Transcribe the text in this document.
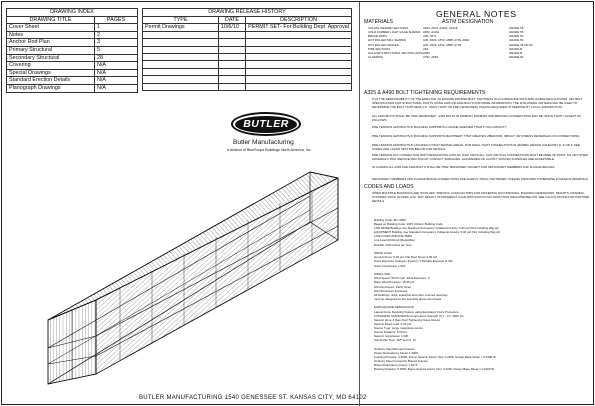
DRAWING INDEX	
DRAWING TITLE	PAGES
Cover Sheet	1
Notes	2
Anchor Rod Plan	3
Primary Structural	5
Secondary Structural	28
Covering	N/A
Special Drawings	N/A
Standard Erection Details	N/A
Planograph Drawings	N/A
DRAWING RELEASE HISTORY		
TYPE	DATE	DESCRIPTION
Permit Drawings	10/6/10	PERMIT SET- For Building Dept. Approval

BUTLER
Butler Manufacturing
a division of BlueScope Buildings North America, Inc.
BUTLER MANUFACTURING 1540 GENESSEE ST. KANSAS CITY, MO 64102
GENERAL NOTES
MATERIALS	ASTM DESIGNATION
3 PLATE WELDED SECTIONS	A529, A572, A1011, A1018	GRADE 55
COLD FORMED LIGHT GAGE SHAPES A653, A1011	GRADE 55
BRACE RODS	A36, A572	GRADE 50
HOT ROLLED MILL SHAPES	A36, A529, A572, A588, A709, A992	GRADE 50
HOT ROLLED ANGLES	A36, A529, A572, A588, A709	GRADE 36 OR 50
PIPE SECTIONS	A53	GRADE B
HOLLOW STRUCTURAL SECTION (HSS) A500	GRADE B
CLADDING	A792, A653	GRADE 80
A325 & A490 BOLT TIGHTENING REQUIREMENTS
IT IS THE RESPONSIBILITY OF THE ERECTOR TO ENSURE PROPER BOLT TIGHTNESS IN ACCORDANCE WITH APPLICABLE REGULATIONS. SET BOLT SPECIFICATION FOR STRUCTURAL JOINTS USING A325 OR A490 BOLTS FOR MORE INFORMATION. THE FOLLOWING CRITERIA MAY BE USED TO DETERMINE THE BOLT TIGHTNESS (I.E. SNUG TIGHT OR PRE-TENSIONED) UNLESS REQUIRED OTHERWISE BY LOCAL JURISDICTION.
ALL A490 BOLTS SHALL BE "PRE-TENSIONED". A325 BOLTS IN PRIMARY FRAMING AND BRACING CONNECTIONS MAY BE "SNUG-TIGHT" EXCEPT AS FOLLOWS:
PRE-TENSION A325 BOLTS IF BUILDING SUPPORTS A CRANE GREATER THAN 5 TON CAPACITY.
PRE-TENSION A325 BOLTS IF BUILDING SUPPORTS MACHINERY THAT CREATES VIBRATION, IMPACT, OR STRESS REVERSALS ON CONNECTIONS.
PRE-TENSION A325 BOLTS IF LOCATED IN HIGH SEISMIC AREAS. FOR SNUG-TIGHT CONNECTIONS IN SEISMIC DESIGN CATEGORY D, E OR F, SEE CODES AND LOADS SECTION BELOW FOR DETAILS.
PRE-TENSION ANY CONNECTION WITH DESIGNATION A325-SC (SLIP CRITICAL). SLIP CRITICAL CONNECTIONS MUST BE FREE OF PAINT, OIL OR OTHER MATERIALS THAT REDUCE FRICTION AT CONTACT SURFACES. GALVANIZED OR LIGHTLY RUSTED SURFACES ARE ACCEPTABLE.
IN CANADA ALL A325 AND A490 BOLTS SHALL BE "PRE-TENSIONED" EXCEPT FOR SECONDARY MEMBERS AND FLANGE BRACES.
SECONDARY MEMBERS AND FLANGE BRACE CONNECTIONS ARE ALWAYS "SNUG-TIGHTENED" UNLESS INDICATED OTHERWISE IN DESIGN DRAWINGS.
CODES AND LOADS
WHEN MULTIPLE BUILDINGS ARE INVOLVED, SPECIFIC LOAD FACTORS FOR DIFFERING OCCUPANCIES, BUILDING DIMENSIONS, HEIGHTS, FRAMING SYSTEMS, ROOF SLOPES, ETC. MAY RESULT IN DIFFERENT LOAD APPLICATION FACTORS THAN INDICATED BELOW. SEE CALCULATIONS FOR FURTHER DETAILS.

Building Code: IBC 2009

Based on Building Code: 1997 Uniform Building Code

LIVE MODE Building Use Standard Occupancy Collateral Gravity: 5.00 psf (Not Including Wtg wt)

EQUIPMENT Building Use Standard Occupancy Collateral Gravity: 5.00 psf (Not Including Wtg wt)

LIVE LOADS AND RAFTERS

Live Load 20.00 psf (Reducible)

Rainfall: 4.00 inches per hour

SNOW LOAD

Ground Snow: 0.00 psf, Flat Roof Snow: 0.00 psf

Snow Exposure Category (Factor): 2 Partially Exposed (1.00)

Snow Importance: 1.000

WIND LOAD

Wind Speed: 90.00 mph, Wind Exposure: C

Basic Wind Pressure: 15.05 psf

Wind Enclosure: Partly Open

Wind Enclosure Enclosed

All buildings: drifts, sidelights and other covered openings

must be designed for the specified above wind loads

EARTHQUAKE DESIGN DATA

Lateral Force Resisting System using Equivalent Force Procedure

CONCRETE STANDARDS Compressive Strength (f'c) -- F'c: 2000 psi

Seismic Zone 4 (See Roof Tightening Notes Above)

Seismic Dead Load: 0.00 psf

Source Type: Large magnitude events

Source Distance: 5.00 km

Seismic Importance: 1.000

Soil Profile Type: SM* and (S_D)

Ordinary Steel Moment Frames

Power Redundancy Factor 1.3000

Framing R-Factor: 4.5000, Frame Seismic Factor (Ss): 0.2408, Design Base Shear = 0.2408 W

Ordinary Steel Concentric Braced Frames

Brace Redundancy Factor 1.4074

Bracing R-Factor: 5.0000, Brace Seismic Factor (Ss): 0.2200, Design Base Shear = 0.2200 W
